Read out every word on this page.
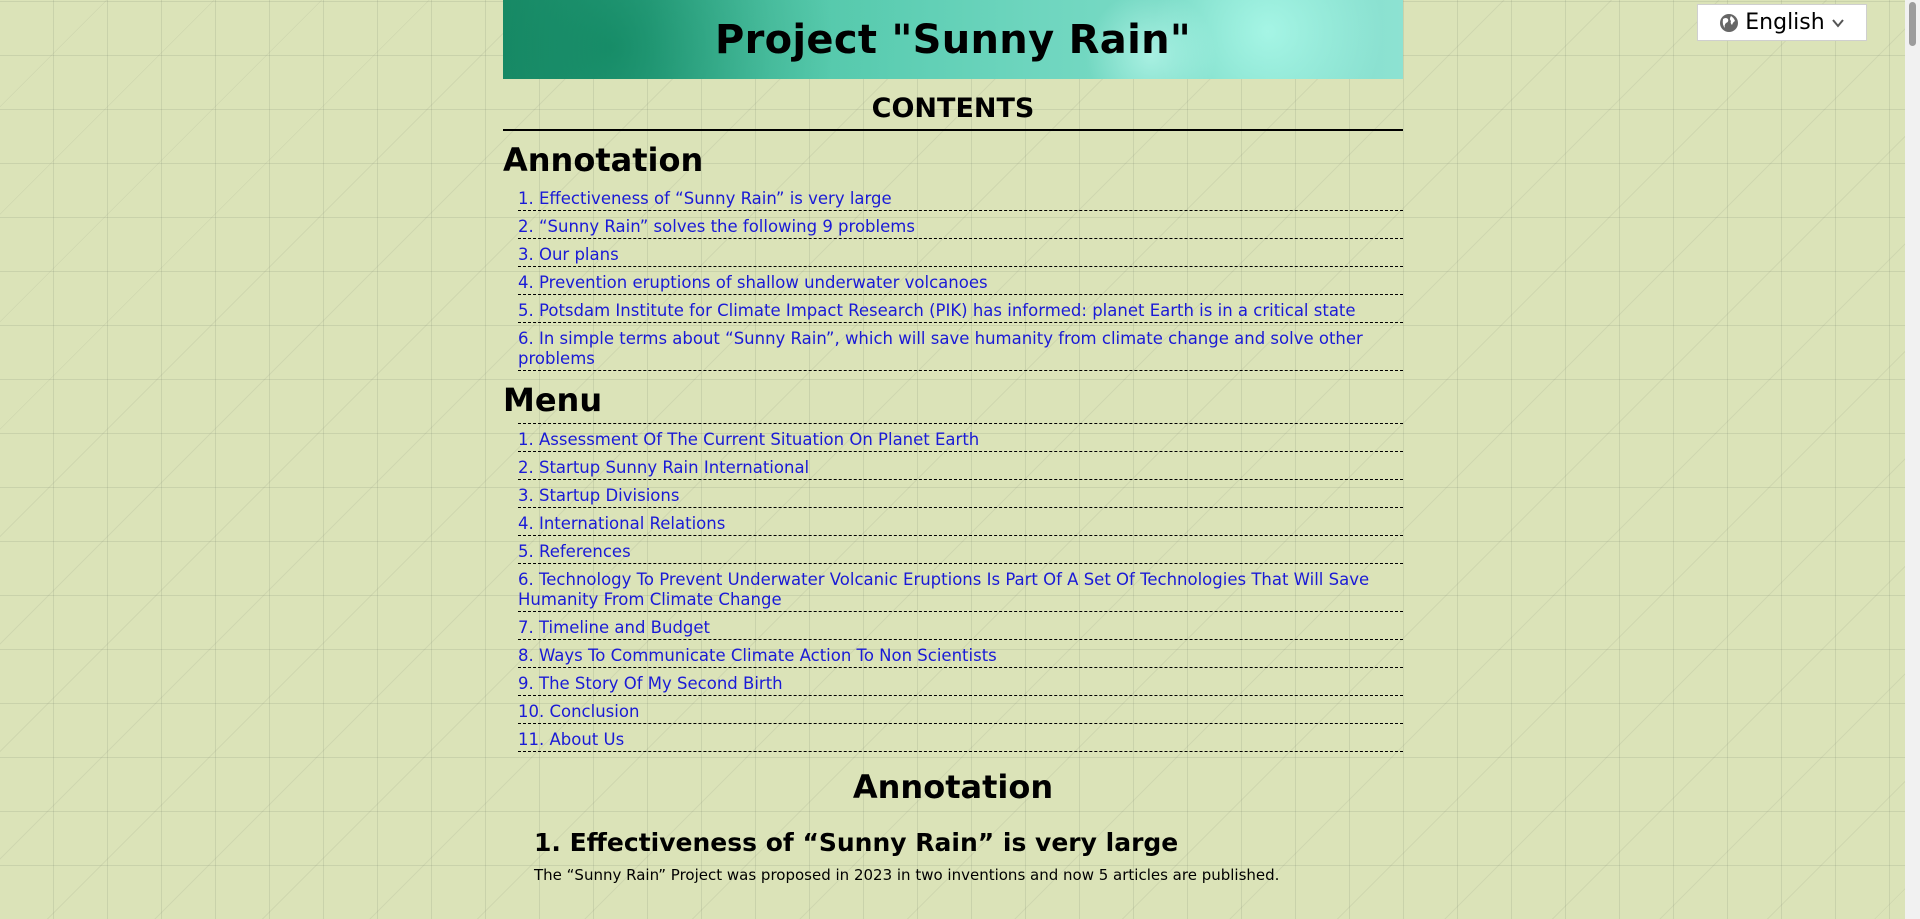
Project "Sunny Rain"
CONTENTS
Annotation
1. Effectiveness of “Sunny Rain” is very large
2. “Sunny Rain” solves the following 9 problems
3. Our plans
4. Prevention eruptions of shallow underwater volcanoes
5. Potsdam Institute for Climate Impact Research (PIK) has informed: planet Earth is in a critical state
6. In simple terms about “Sunny Rain”, which will save humanity from climate change and solve other problems
Menu
1. Assessment Of The Current Situation On Planet Earth
2. Startup Sunny Rain International
3. Startup Divisions
4. International Relations
5. References
6. Technology To Prevent Underwater Volcanic Eruptions Is Part Of A Set Of Technologies That Will Save Humanity From Climate Change
7. Timeline and Budget
8. Ways To Communicate Climate Action To Non Scientists
9. The Story Of My Second Birth
10. Conclusion
11. About Us
Annotation
1. Effectiveness of “Sunny Rain” is very large
The “Sunny Rain” Project was proposed in 2023 in two inventions and now 5 articles are published.
English
